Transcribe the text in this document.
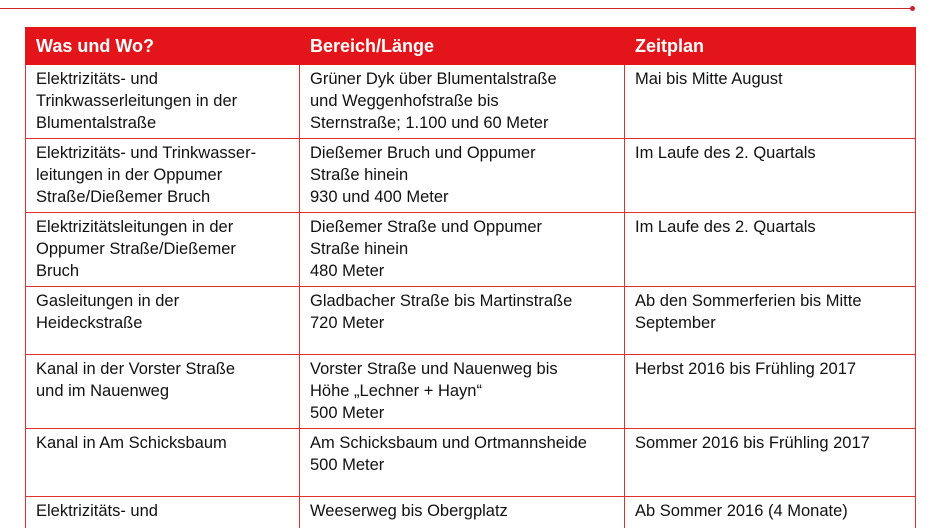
Was und Wo?	Bereich/Länge	Zeitplan
Elektrizitäts- und
Trinkwasserleitungen in der
Blumentalstraße	Grüner Dyk über Blumentalstraße
und Weggenhofstraße bis
Sternstraße; 1.100 und 60 Meter	Mai bis Mitte August
Elektrizitäts- und Trinkwasser-
leitungen in der Oppumer
Straße/Dießemer Bruch	Dießemer Bruch und Oppumer
Straße hinein
930 und 400 Meter	Im Laufe des 2. Quartals
Elektrizitätsleitungen in der
Oppumer Straße/Dießemer
Bruch	Dießemer Straße und Oppumer
Straße hinein
480 Meter	Im Laufe des 2. Quartals
Gasleitungen in der
Heideckstraße	Gladbacher Straße bis Martinstraße
720 Meter	Ab den Sommerferien bis Mitte
September
Kanal in der Vorster Straße
und im Nauenweg	Vorster Straße und Nauenweg bis
Höhe „Lechner + Hayn“
500 Meter	Herbst 2016 bis Frühling 2017
Kanal in Am Schicksbaum	Am Schicksbaum und Ortmannsheide
500 Meter	Sommer 2016 bis Frühling 2017
Elektrizitäts- und	Weeserweg bis Obergplatz	Ab Sommer 2016 (4 Monate)
